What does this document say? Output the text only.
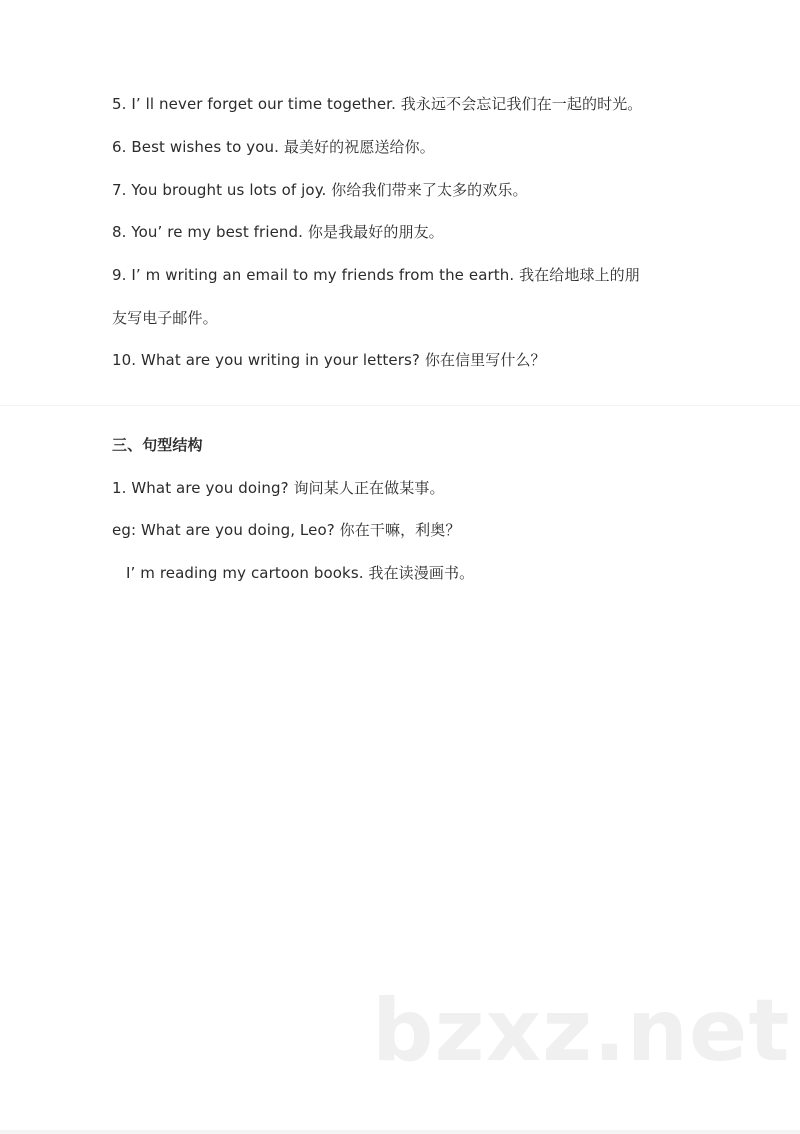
5. I’ ll never forget our time together. 我永远不会忘记我们在一起的时光。
6. Best wishes to you. 最美好的祝愿送给你。
7. You brought us lots of joy. 你给我们带来了太多的欢乐。
8. You’ re my best friend. 你是我最好的朋友。
9. I’ m writing an email to my friends from the earth. 我在给地球上的朋
友写电子邮件。
10. What are you writing in your letters? 你在信里写什么？
三、句型结构
1. What are you doing? 询问某人正在做某事。
eg: What are you doing, Leo? 你在干嘛，利奥？
I’ m reading my cartoon books. 我在读漫画书。
bzxz.net
